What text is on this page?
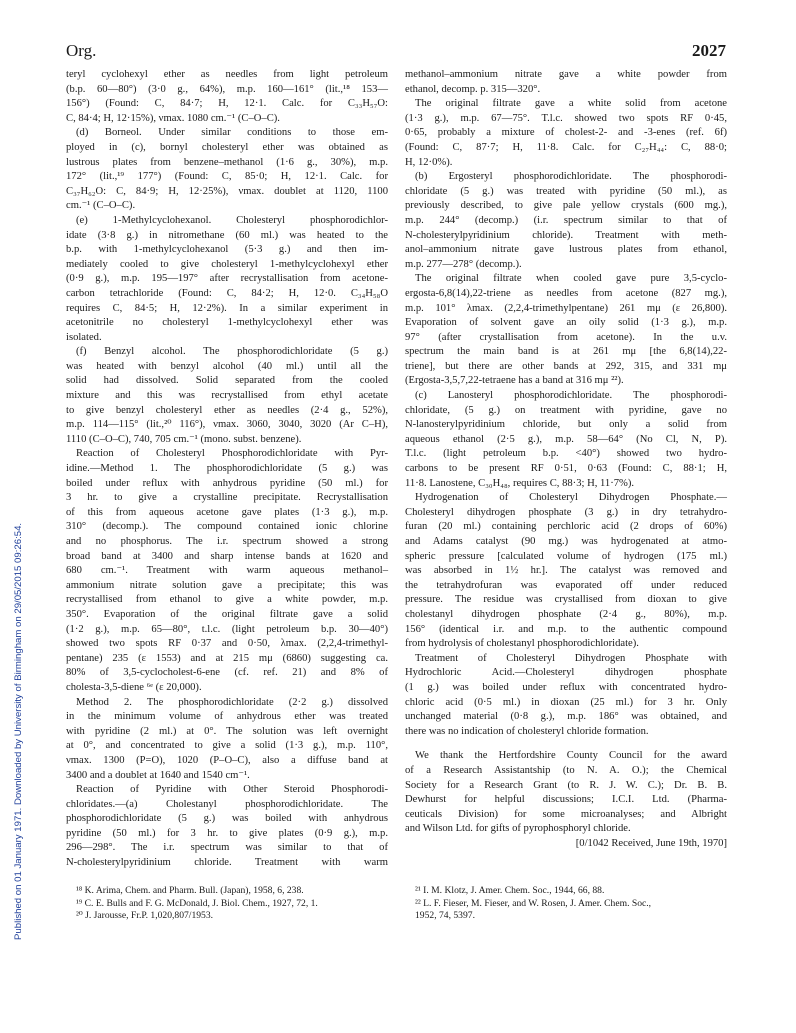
Org.	2027
Published on 01 January 1971. Downloaded by University of Birmingham on 29/05/2015 09:26:54.
teryl cyclohexyl ether as needles from light petroleum
(b.p. 60—80°) (3·0 g., 64%), m.p. 160—161° (lit.,¹⁸ 153—
156°) (Found: C, 84·7; H, 12·1. Calc. for C₃₃H₅₇O:
C, 84·4; H, 12·15%), νmax. 1080 cm.⁻¹ (C–O–C).
(d) Borneol. Under similar conditions to those em-
ployed in (c), bornyl cholesteryl ether was obtained as
lustrous plates from benzene–methanol (1·6 g., 30%), m.p.
172° (lit.,¹⁹ 177°) (Found: C, 85·0; H, 12·1. Calc. for
C₃₇H₆₂O: C, 84·9; H, 12·25%), νmax. doublet at 1120, 1100
cm.⁻¹ (C–O–C).
(e) 1-Methylcyclohexanol. Cholesteryl phosphorodichlor-
idate (3·8 g.) in nitromethane (60 ml.) was heated to the
b.p. with 1-methylcyclohexanol (5·3 g.) and then im-
mediately cooled to give cholesteryl 1-methylcyclohexyl ether
(0·9 g.), m.p. 195—197° after recrystallisation from acetone-
carbon tetrachloride (Found: C, 84·2; H, 12·0. C₃₄H₅₈O
requires C, 84·5; H, 12·2%). In a similar experiment in
acetonitrile no cholesteryl 1-methylcyclohexyl ether was
isolated.
(f) Benzyl alcohol. The phosphorodichloridate (5 g.)
was heated with benzyl alcohol (40 ml.) until all the
solid had dissolved. Solid separated from the cooled
mixture and this was recrystallised from ethyl acetate
to give benzyl cholesteryl ether as needles (2·4 g., 52%),
m.p. 114—115° (lit.,²⁰ 116°), νmax. 3060, 3040, 3020 (Ar C–H),
1110 (C–O–C), 740, 705 cm.⁻¹ (mono. subst. benzene).
Reaction of Cholesteryl Phosphorodichloridate with Pyr-
idine.—Method 1. The phosphorodichloridate (5 g.) was
boiled under reflux with anhydrous pyridine (50 ml.) for
3 hr. to give a crystalline precipitate. Recrystallisation
of this from aqueous acetone gave plates (1·3 g.), m.p.
310° (decomp.). The compound contained ionic chlorine
and no phosphorus. The i.r. spectrum showed a strong
broad band at 3400 and sharp intense bands at 1620 and
680 cm.⁻¹. Treatment with warm aqueous methanol–
ammonium nitrate solution gave a precipitate; this was
recrystallised from ethanol to give a white powder, m.p.
350°. Evaporation of the original filtrate gave a solid
(1·2 g.), m.p. 65—80°, t.l.c. (light petroleum b.p. 30—40°)
showed two spots RF 0·37 and 0·50, λmax. (2,2,4-trimethyl-
pentane) 235 (ε 1553) and at 215 mμ (6860) suggesting ca.
80% of 3,5-cyclocholest-6-ene (cf. ref. 21) and 8% of
cholesta-3,5-diene ⁶ᵉ (ε 20,000).
Method 2. The phosphorodichloridate (2·2 g.) dissolved
in the minimum volume of anhydrous ether was treated
with pyridine (2 ml.) at 0°. The solution was left overnight
at 0°, and concentrated to give a solid (1·3 g.), m.p. 110°,
νmax. 1300 (P=O), 1020 (P–O–C), also a diffuse band at
3400 and a doublet at 1640 and 1540 cm⁻¹.
Reaction of Pyridine with Other Steroid Phosphorodi-
chloridates.—(a) Cholestanyl phosphorodichloridate. The
phosphorodichloridate (5 g.) was boiled with anhydrous
pyridine (50 ml.) for 3 hr. to give plates (0·9 g.), m.p.
296—298°. The i.r. spectrum was similar to that of
N-cholesterylpyridinium chloride. Treatment with warm
¹⁸ K. Arima, Chem. and Pharm. Bull. (Japan), 1958, 6, 238.
¹⁹ C. E. Bulls and F. G. McDonald, J. Biol. Chem., 1927, 72, 1.
²⁰ J. Jarousse, Fr.P. 1,020,807/1953.
methanol–ammonium nitrate gave a white powder from
ethanol, decomp. p. 315—320°.
The original filtrate gave a white solid from acetone
(1·3 g.), m.p. 67—75°. T.l.c. showed two spots RF 0·45,
0·65, probably a mixture of cholest-2- and -3-enes (ref. 6f)
(Found: C, 87·7; H, 11·8. Calc. for C₂₇H₄₄: C, 88·0;
H, 12·0%).
(b) Ergosteryl phosphorodichloridate. The phosphorodi-
chloridate (5 g.) was treated with pyridine (50 ml.), as
previously described, to give pale yellow crystals (600 mg.),
m.p. 244° (decomp.) (i.r. spectrum similar to that of
N-cholesterylpyridinium chloride). Treatment with meth-
anol–ammonium nitrate gave lustrous plates from ethanol,
m.p. 277—278° (decomp.).
The original filtrate when cooled gave pure 3,5-cyclo-
ergosta-6,8(14),22-triene as needles from acetone (827 mg.),
m.p. 101° λmax. (2,2,4-trimethylpentane) 261 mμ (ε 26,800).
Evaporation of solvent gave an oily solid (1·3 g.), m.p.
97° (after crystallisation from acetone). In the u.v.
spectrum the main band is at 261 mμ [the 6,8(14),22-
triene], but there are other bands at 292, 315, and 331 mμ
(Ergosta-3,5,7,22-tetraene has a band at 316 mμ ²²).
(c) Lanosteryl phosphorodichloridate. The phosphorodi-
chloridate, (5 g.) on treatment with pyridine, gave no
N-lanosterylpyridinium chloride, but only a solid from
aqueous ethanol (2·5 g.), m.p. 58—64° (No Cl, N, P).
T.l.c. (light petroleum b.p. <40°) showed two hydro-
carbons to be present RF 0·51, 0·63 (Found: C, 88·1; H,
11·8. Lanostene, C₃₀H₄₈, requires C, 88·3; H, 11·7%).
Hydrogenation of Cholesteryl Dihydrogen Phosphate.—
Cholesteryl dihydrogen phosphate (3 g.) in dry tetrahydro-
furan (20 ml.) containing perchloric acid (2 drops of 60%)
and Adams catalyst (90 mg.) was hydrogenated at atmo-
spheric pressure [calculated volume of hydrogen (175 ml.)
was absorbed in 1½ hr.]. The catalyst was removed and
the tetrahydrofuran was evaporated off under reduced
pressure. The residue was crystallised from dioxan to give
cholestanyl dihydrogen phosphate (2·4 g., 80%), m.p.
156° (identical i.r. and m.p. to the authentic compound
from hydrolysis of cholestanyl phosphorodichloridate).
Treatment of Cholesteryl Dihydrogen Phosphate with
Hydrochloric Acid.—Cholesteryl dihydrogen phosphate
(1 g.) was boiled under reflux with concentrated hydro-
chloric acid (0·5 ml.) in dioxan (25 ml.) for 3 hr. Only
unchanged material (0·8 g.), m.p. 186° was obtained, and
there was no indication of cholesteryl chloride formation.
We thank the Hertfordshire County Council for the award
of a Research Assistantship (to N. A. O.); the Chemical
Society for a Research Grant (to R. J. W. C.); Dr. B. B.
Dewhurst for helpful discussions; I.C.I. Ltd. (Pharma-
ceuticals Division) for some microanalyses; and Albright
and Wilson Ltd. for gifts of pyrophosphoryl chloride.
[0/1042 Received, June 19th, 1970]
²¹ I. M. Klotz, J. Amer. Chem. Soc., 1944, 66, 88.
²² L. F. Fieser, M. Fieser, and W. Rosen, J. Amer. Chem. Soc.,
1952, 74, 5397.
